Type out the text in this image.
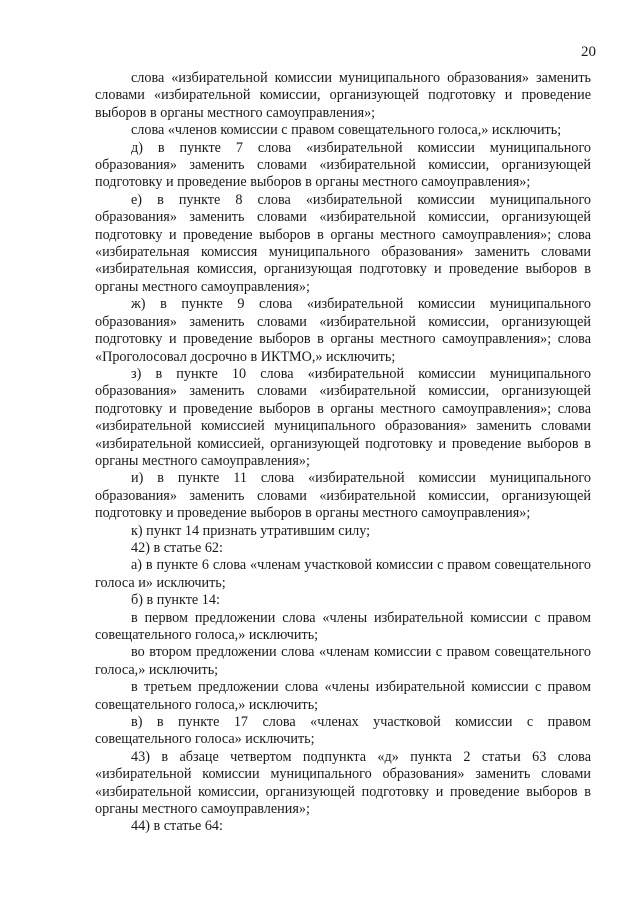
20

слова «избирательной комиссии муниципального образования» заменить словами «избирательной комиссии, организующей подготовку и проведение выборов в органы местного самоуправления»;

слова «членов комиссии с правом совещательного голоса,» исключить;

д) в пункте 7 слова «избирательной комиссии муниципального образования» заменить словами «избирательной комиссии, организующей подготовку и проведение выборов в органы местного самоуправления»;

е) в пункте 8 слова «избирательной комиссии муниципального образования» заменить словами «избирательной комиссии, организующей подготовку и проведение выборов в органы местного самоуправления»; слова «избирательная комиссия муниципального образования» заменить словами «избирательная комиссия, организующая подготовку и проведение выборов в органы местного самоуправления»;

ж) в пункте 9 слова «избирательной комиссии муниципального образования» заменить словами «избирательной комиссии, организующей подготовку и проведение выборов в органы местного самоуправления»; слова «Проголосовал досрочно в ИКТМО,» исключить;

з) в пункте 10 слова «избирательной комиссии муниципального образования» заменить словами «избирательной комиссии, организующей подготовку и проведение выборов в органы местного самоуправления»; слова «избирательной комиссией муниципального образования» заменить словами «избирательной комиссией, организующей подготовку и проведение выборов в органы местного самоуправления»;

и) в пункте 11 слова «избирательной комиссии муниципального образования» заменить словами «избирательной комиссии, организующей подготовку и проведение выборов в органы местного самоуправления»;

к) пункт 14 признать утратившим силу;

42) в статье 62:

а) в пункте 6 слова «членам участковой комиссии с правом совещательного голоса и» исключить;

б) в пункте 14:

в первом предложении слова «члены избирательной комиссии с правом совещательного голоса,» исключить;

во втором предложении слова «членам комиссии с правом совещательного голоса,» исключить;

в третьем предложении слова «члены избирательной комиссии с правом совещательного голоса,» исключить;

в) в пункте 17 слова «членах участковой комиссии с правом совещательного голоса» исключить;

43) в абзаце четвертом подпункта «д» пункта 2 статьи 63 слова «избирательной комиссии муниципального образования» заменить словами «избирательной комиссии, организующей подготовку и проведение выборов в органы местного самоуправления»;

44) в статье 64:
